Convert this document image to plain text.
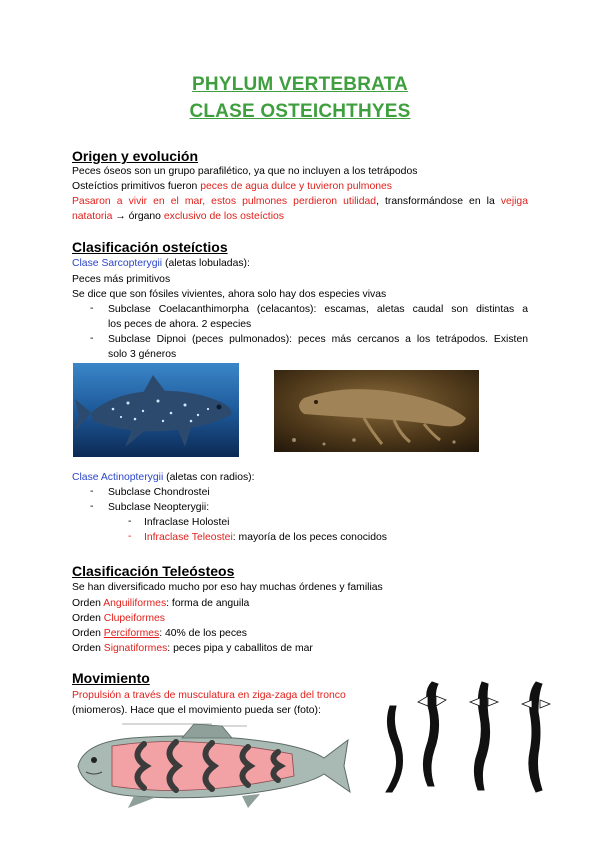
PHYLUM VERTEBRATA
CLASE OSTEICHTHYES
Origen y evolución
Peces óseos son un grupo parafilético, ya que no incluyen a los tetrápodos
Osteíctios primitivos fueron peces de agua dulce y tuvieron pulmones
Pasaron a vivir en el mar, estos pulmones perdieron utilidad, transformándose en la vejiga
natatoria → órgano exclusivo de los osteíctios
Clasificación osteíctios
Clase Sarcopterygii (aletas lobuladas):
Peces más primitivos
Se dice que son fósiles vivientes, ahora solo hay dos especies vivas
- Subclase Coelacanthimorpha (celacantos): escamas, aletas caudal son distintas a
los peces de ahora. 2 especies
- Subclase Dipnoi (peces pulmonados): peces más cercanos a los tetrápodos. Existen
solo 3 géneros
Clase Actinopterygii (aletas con radios):
- Subclase Chondrostei
- Subclase Neopterygii:
- Infraclase Holostei
- Infraclase Teleostei: mayoría de los peces conocidos
Clasificación Teleósteos
Se han diversificado mucho por eso hay muchas órdenes y familias
Orden Anguiliformes: forma de anguila
Orden Clupeiformes
Orden Perciformes: 40% de los peces
Orden Signatiformes: peces pipa y caballitos de mar
Movimiento
Propulsión a través de musculatura en ziga-zaga del tronco
(miomeros). Hace que el movimiento pueda ser (foto):
